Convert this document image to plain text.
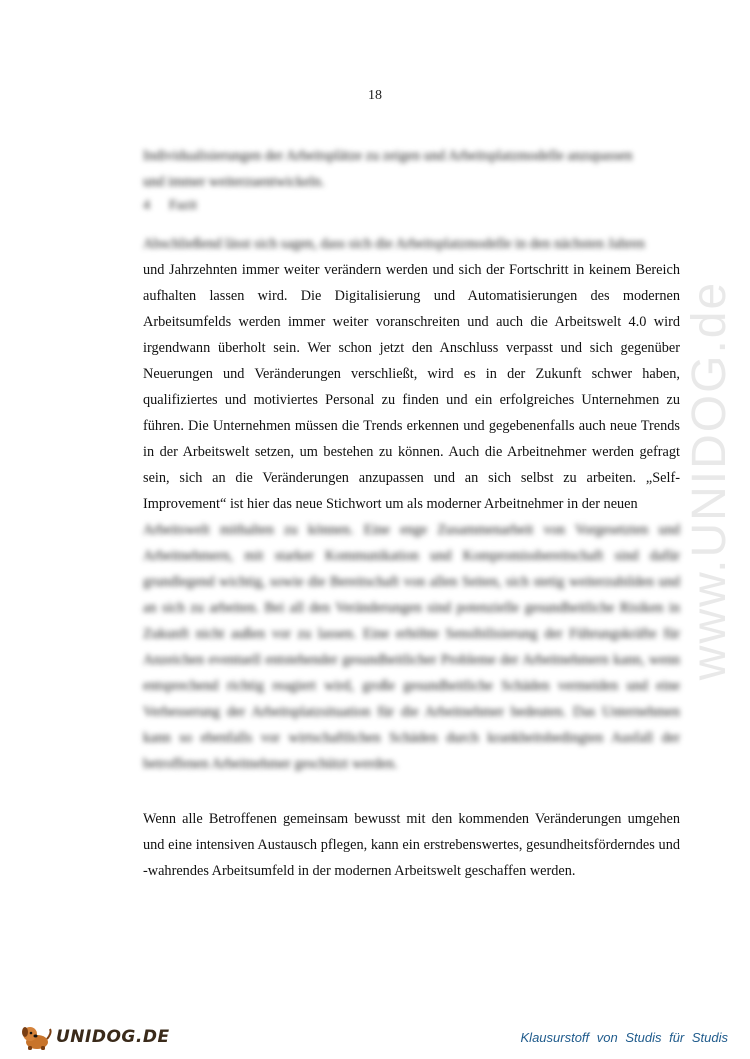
18

Individualisierungen der Arbeitsplätze zu zeigen und Arbeitsplatzmodelle anzupassen
und immer weiterzuentwickeln.

4 Fazit

Abschließend lässt sich sagen, dass sich die Arbeitsplatzmodelle in den nächsten Jahren

und Jahrzehnten immer weiter verändern werden und sich der Fortschritt in keinem Bereich aufhalten lassen wird. Die Digitalisierung und Automatisierungen des modernen Arbeitsumfelds werden immer weiter voranschreiten und auch die Arbeitswelt 4.0 wird irgendwann überholt sein. Wer schon jetzt den Anschluss verpasst und sich gegenüber Neuerungen und Veränderungen verschließt, wird es in der Zukunft schwer haben, qualifiziertes und motiviertes Personal zu finden und ein erfolgreiches Unternehmen zu führen. Die Unternehmen müssen die Trends erkennen und gegebenenfalls auch neue Trends in der Arbeitswelt setzen, um bestehen zu können. Auch die Arbeitnehmer werden gefragt sein, sich an die Veränderungen anzupassen und an sich selbst zu arbeiten. „Self-Improvement“ ist hier das neue Stichwort um als moderner Arbeitnehmer in der neuen

Arbeitswelt mithalten zu können. Eine enge Zusammenarbeit von Vorgesetzten und Arbeitnehmern, mit starker Kommunikation und Kompromissbereitschaft sind dafür grundlegend wichtig, sowie die Bereitschaft von allen Seiten, sich stetig weiterzubilden und an sich zu arbeiten. Bei all den Veränderungen sind potenzielle gesundheitliche Risiken in Zukunft nicht außen vor zu lassen. Eine erhöhte Sensibilisierung der Führungskräfte für Anzeichen eventuell entstehender gesundheitlicher Probleme der Arbeitnehmern kann, wenn entsprechend richtig reagiert wird, große gesundheitliche Schäden vermeiden und eine Verbesserung der Arbeitsplatzsituation für die Arbeitnehmer bedeuten. Das Unternehmen kann so ebenfalls vor wirtschaftlichen Schäden durch krankheitsbedingten Ausfall der betroffenen Arbeitnehmer geschützt werden.

Wenn alle Betroffenen gemeinsam bewusst mit den kommenden Veränderungen umgehen und eine intensiven Austausch pflegen, kann ein erstrebenswertes, gesundheitsförderndes und -wahrendes Arbeitsumfeld in der modernen Arbeitswelt geschaffen werden.

www.UNIDOG.de
UNIDOG.DE	Klausurstoff von Studis für Studis
